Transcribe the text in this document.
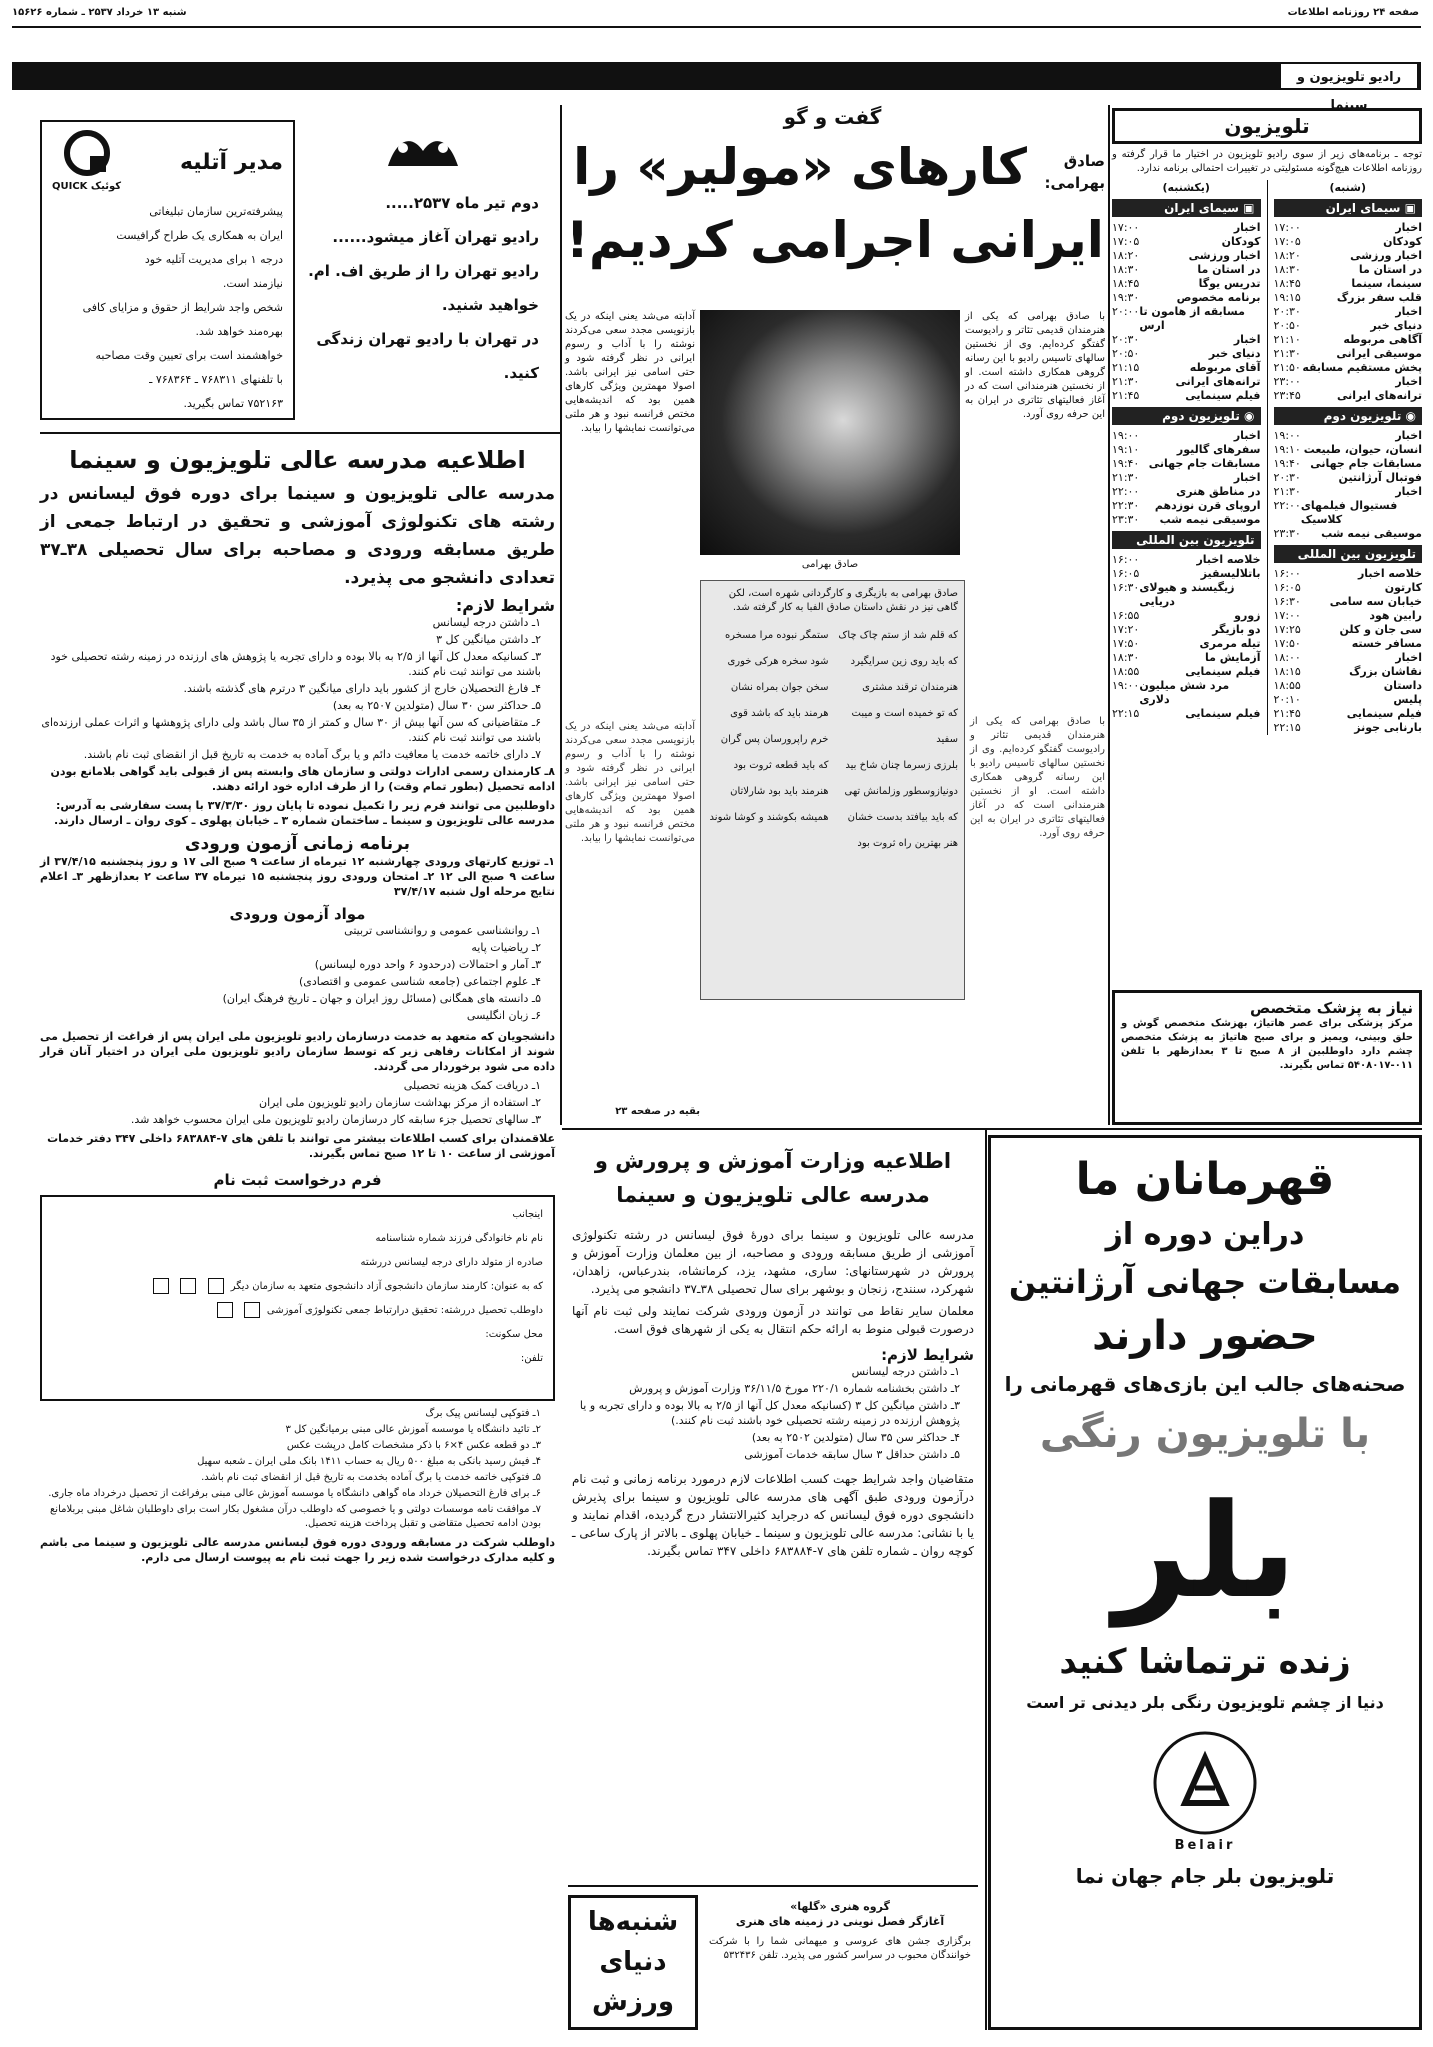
شنبه ۱۳ خرداد ۲۵۳۷ ـ شماره ۱۵۶۲۶	صفحه ۲۴ روزنامه اطلاعات
رادیو تلویزیون و سینما
مدیر آتلیه
کوئیک QUICK
پیشرفته‌ترین سازمان تبلیغاتی
ایران به همکاری یک طراح گرافیست
درجه ۱ برای مدیریت آتلیه خود
نیازمند است.
شخص واجد شرایط از حقوق و مزایای کافی
بهره‌مند خواهد شد.
خواهشمند است برای تعیین وقت مصاحبه
با تلفنهای ۷۶۸۳۱۱ ـ ۷۶۸۳۶۴ ـ
۷۵۲۱۶۳ تماس بگیرید.
دوم تیر ماه ۲۵۳۷.....
رادیو تهران آغاز میشود......
رادیو تهران را از طریق اف. ام.
خواهید شنید.
در تهران با رادیو تهران زندگی
کنید.
گفت و گو
صادق بهرامی:
کارهای «مولیر» را
ایرانی اجرامی کردیم!
با صادق بهرامی که یکی از هنرمندان قدیمی تئاتر و رادیوست گفتگو کرده‌ایم. وی از نخستین سالهای تاسیس رادیو با این رسانه گروهی همکاری داشته است. او از نخستین هنرمندانی است که در آغاز فعالیتهای تئاتری در ایران به این حرفه روی آورد.
صادق بهرامی
آدابته می‌شد یعنی اینکه در یک بازنویسی مجدد سعی می‌کردند نوشته را با آداب و رسوم ایرانی در نظر گرفته شود و حتی اسامی نیز ایرانی باشد. اصولا مهمترین ویژگی کارهای همین بود که اندیشه‌هایی مختص فرانسه نبود و هر ملتی می‌توانست نمایشها را بیابد.
صادق بهرامی به بازیگری و کارگردانی شهره است، لکن گاهی نیز در نقش داستان صادق الفبا به کار گرفته شد.
که قلم شد از ستم چاک چاک
که باید روی زین سرایگیرد
هنرمندان ترقند مشتری
که تو خمیده است و میبت سفید
بلرزی زسرما چنان شاخ بید
دونیازوسطور وزلمانش تهی
که باید بیافتد بدست خشان
هنر بهترین راه ثروت بود
ستمگر نبوده مرا مسخره
شود سخره هرکی خوری
سخن جوان بمراه نشان
هرمند باید که باشد قوی
خرم راپرورسان پس گران
که باید قطعه ثروت بود
هنرمند باید بود شارلاتان
همیشه بکوشند و کوشا شوند
آدابته می‌شد یعنی اینکه در یک بازنویسی مجدد سعی می‌کردند نوشته را با آداب و رسوم ایرانی در نظر گرفته شود و حتی اسامی نیز ایرانی باشد. اصولا مهمترین ویژگی کارهای همین بود که اندیشه‌هایی مختص فرانسه نبود و هر ملتی می‌توانست نمایشها را بیابد.
با صادق بهرامی که یکی از هنرمندان قدیمی تئاتر و رادیوست گفتگو کرده‌ایم. وی از نخستین سالهای تاسیس رادیو با این رسانه گروهی همکاری داشته است. او از نخستین هنرمندانی است که در آغاز فعالیتهای تئاتری در ایران به این حرفه روی آورد.
بقیه در صفحه ۲۳
تلویزیون
توجه ـ برنامه‌های زیر از سوی رادیو تلویزیون در اختیار ما قرار گرفته و روزنامه اطلاعات هیچ‌گونه مسئولیتی در تغییرات احتمالی برنامه ندارد.
(شنبه)
▣ سیمای ایران
اخبار
۱۷:۰۰
کودکان
۱۷:۰۵
اخبار ورزشی
۱۸:۲۰
در استان ما
۱۸:۳۰
سینما، سینما
۱۸:۴۵
قلب سفر بزرگ
۱۹:۱۵
اخبار
۲۰:۳۰
دنیای خبر
۲۰:۵۰
آگاهی مربوطه
۲۱:۱۰
موسیقی ایرانی
۲۱:۳۰
پخش مستقیم مسابقه
۲۱:۵۰
اخبار
۲۳:۰۰
ترانه‌های ایرانی
۲۳:۴۵
◉ تلویزیون دوم
اخبار
۱۹:۰۰
انسان، حیوان، طبیعت
۱۹:۱۰
مسابقات جام جهانی
۱۹:۴۰
فوتبال آرژانتین
۲۰:۳۰
اخبار
۲۱:۳۰
فستیوال فیلمهای کلاسیک
۲۲:۰۰
موسیقی نیمه شب
۲۳:۳۰
تلویزیون بین المللی
خلاصه اخبار
۱۶:۰۰
کارتون
۱۶:۰۵
خیابان سه سامی
۱۶:۳۰
رابین هود
۱۷:۰۰
سی جان و کلن
۱۷:۲۵
مسافر خسته
۱۷:۵۰
اخبار
۱۸:۰۰
نقاشان بزرگ
۱۸:۱۵
داستان
۱۸:۵۵
پلیس
۲۰:۱۰
فیلم سینمایی
۲۱:۴۵
بارنابی جونز
۲۲:۱۵
(یکشنبه)
▣ سیمای ایران
اخبار
۱۷:۰۰
کودکان
۱۷:۰۵
اخبار ورزشی
۱۸:۲۰
در استان ما
۱۸:۳۰
تدریس یوگا
۱۸:۴۵
برنامه مخصوص
۱۹:۳۰
مسابقه از هامون تا ارس
۲۰:۰۰
اخبار
۲۰:۳۰
دنیای خبر
۲۰:۵۰
آقای مربوطه
۲۱:۱۵
ترانه‌های ایرانی
۲۱:۳۰
فیلم سینمایی
۲۱:۴۵
◉ تلویزیون دوم
اخبار
۱۹:۰۰
سفرهای گالیور
۱۹:۱۰
مسابقات جام جهانی
۱۹:۴۰
اخبار
۲۱:۳۰
در مناطق هنری
۲۲:۰۰
اروپای قرن نوزدهم
۲۲:۳۰
موسیقی نیمه شب
۲۳:۳۰
تلویزیون بین المللی
خلاصه اخبار
۱۶:۰۰
باتلالیسقیز
۱۶:۰۵
زیگیسند و هیولای دریایی
۱۶:۳۰
زورو
۱۶:۵۵
دو بازیگر
۱۷:۲۰
تیله مرمری
۱۷:۵۰
آزمایش ما
۱۸:۳۰
فیلم سینمایی
۱۸:۵۵
مرد شش میلیون دلاری
۱۹:۰۰
فیلم سینمایی
۲۲:۱۵
نیاز به پزشک متخصص
مرکز پزشکی برای عصر هاتیاژ، بهزشک متخصص گوش و حلق وبینی، ویمیز و برای صبح هاتیاژ به پزشک متخصص چشم دارد داوطلبین از ۸ صبح تا ۳ بعدازظهر با تلفن ۰۱۱‑۵۴۰۸۰۱۷ تماس بگیرند.
اطلاعیه مدرسه عالی تلویزیون و سینما
مدرسه عالی تلویزیون و سینما برای دوره فوق لیسانس در رشته های تکنولوژی آموزشی و تحقیق در ارتباط جمعی از طریق مسابقه ورودی و مصاحبه برای سال تحصیلی ۳۸ـ۳۷ تعدادی دانشجو می پذیرد.
شرایط لازم:
۱ـ داشتن درجه لیسانس
۲ـ داشتن میانگین کل ۳
۳ـ کسانیکه معدل کل آنها از ۲/۵ به بالا بوده و دارای تجربه یا پژوهش های ارزنده در زمینه رشته تحصیلی خود باشند می توانند ثبت نام کنند.
۴ـ فارغ التحصیلان خارج از کشور باید دارای میانگین ۳ درترم های گذشته باشند.
۵ـ حداکثر سن ۳۰ سال (متولدین ۲۵۰۷ به بعد)
۶ـ متقاضیانی که سن آنها بیش از ۳۰ سال و کمتر از ۳۵ سال باشد ولی دارای پژوهشها و اثرات عملی ارزنده‌ای باشند می توانند ثبت نام کنند.
۷ـ دارای خاتمه خدمت یا معافیت دائم و یا برگ آماده به خدمت به تاریخ قبل از انقضای ثبت نام باشند.
۸ـ کارمندان رسمی ادارات دولتی و سازمان های وابسته پس از قبولی باید گواهی بلامانع بودن ادامه تحصیل (بطور تمام وقت) را از طرف اداره خود ارائه دهند.
داوطلبین می توانند فرم زیر را تکمیل نموده تا پایان روز ۳۷/۳/۳۰ با پست سفارشی به آدرس: مدرسه عالی تلویزیون و سینما ـ ساختمان شماره ۳ ـ خیابان پهلوی ـ کوی روان ـ ارسال دارند.
برنامه زمانی آزمون ورودی
۱ـ توزیع کارتهای ورودی چهارشنبه ۱۲ تیرماه از ساعت ۹ صبح الی ۱۷ و روز پنجشنبه ۳۷/۴/۱۵ از ساعت ۹ صبح الی ۱۲ ۲ـ امتحان ورودی روز پنجشنبه ۱۵ تیرماه ۳۷ ساعت ۲ بعدازظهر ۳ـ اعلام نتایج مرحله اول شنبه ۳۷/۴/۱۷
مواد آزمون ورودی
۱ـ روانشناسی عمومی و روانشناسی تربیتی
۲ـ ریاضیات پایه
۳ـ آمار و احتمالات (درحدود ۶ واحد دوره لیسانس)
۴ـ علوم اجتماعی (جامعه شناسی عمومی و اقتصادی)
۵ـ دانسته های همگانی (مسائل روز ایران و جهان ـ تاریخ فرهنگ ایران)
۶ـ زبان انگلیسی
دانشجویان که متعهد به خدمت درسازمان رادیو تلویزیون ملی ایران پس از فراغت از تحصیل می شوند از امکانات رفاهی زیر که توسط سازمان رادیو تلویزیون ملی ایران در اختیار آنان قرار داده می شود برخوردار می گردند.
۱ـ دریافت کمک هزینه تحصیلی
۲ـ استفاده از مرکز بهداشت سازمان رادیو تلویزیون ملی ایران
۳ـ سالهای تحصیل جزء سابقه کار درسازمان رادیو تلویزیون ملی ایران محسوب خواهد شد.
علاقمندان برای کسب اطلاعات بیشتر می توانند با تلفن های ۷‑۶۸۳۸۸۴ داخلی ۳۴۷ دفتر خدمات آموزشی از ساعت ۱۰ تا ۱۲ صبح تماس بگیرند.
فرم درخواست ثبت نام
اینجانب
نام نام خانوادگی فرزند شماره شناسنامه
صادره از متولد دارای درجه لیسانس دررشته
که به عنوان: کارمند سازمان دانشجوی آزاد دانشجوی متعهد به سازمان دیگر
داوطلب تحصیل دررشته: تحقیق درارتباط جمعی تکنولوژی آموزشی
محل سکونت:
تلفن:
۱ـ فتوکپی لیسانس پیک برگ
۲ـ تائید دانشگاه یا موسسه آموزش عالی مبنی برمیانگین کل ۳
۳ـ دو قطعه عکس ۴×۶ با ذکر مشخصات کامل درپشت عکس
۴ـ فیش رسید بانکی به مبلغ ۵۰۰ ریال به حساب ۱۴۱۱ بانک ملی ایران ـ شعبه سهیل
۵ـ فتوکپی خاتمه خدمت یا برگ آماده بخدمت به تاریخ قبل از انقضای ثبت نام باشد.
۶ـ برای فارغ التحصیلان خرداد ماه گواهی دانشگاه یا موسسه آموزش عالی مبنی برفراغت از تحصیل درخرداد ماه جاری.
۷ـ موافقت نامه موسسات دولتی و یا خصوصی که داوطلب درآن مشغول بکار است برای داوطلبان شاغل مبنی بربلامانع بودن ادامه تحصیل متقاضی و تقبل پرداخت هزینه تحصیل.
داوطلب شرکت در مسابقه ورودی دوره فوق لیسانس مدرسه عالی تلویزیون و سینما می باشم و کلیه مدارک درخواست شده زیر را جهت ثبت نام به پیوست ارسال می دارم.
اطلاعیه وزارت آموزش و پرورش و
مدرسه عالی تلویزیون و سینما
مدرسه عالی تلویزیون و سینما برای دورهٔ فوق لیسانس در رشته تکنولوژی آموزشی از طریق مسابقه ورودی و مصاحبه، از بین معلمان وزارت آموزش و پرورش در شهرستانهای: ساری، مشهد، یزد، کرمانشاه، بندرعباس، زاهدان، شهرکرد، سنندج، زنجان و بوشهر برای سال تحصیلی ۳۸ـ۳۷ دانشجو می پذیرد.
معلمان سایر نقاط می توانند در آزمون ورودی شرکت نمایند ولی ثبت نام آنها درصورت قبولی منوط به ارائه حکم انتقال به یکی از شهرهای فوق است.
شرایط لازم:
۱ـ داشتن درجه لیسانس
۲ـ داشتن بخشنامه شماره ۲۲۰/۱ مورخ ۳۶/۱۱/۵ وزارت آموزش و پرورش
۳ـ داشتن میانگین کل ۳ (کسانیکه معدل کل آنها از ۲/۵ به بالا بوده و دارای تجربه و یا پژوهش ارزنده در زمینه رشته تحصیلی خود باشند ثبت نام کنند.)
۴ـ حداکثر سن ۳۵ سال (متولدین ۲۵۰۲ به بعد)
۵ـ داشتن حداقل ۳ سال سابقه خدمات آموزشی
متقاضیان واجد شرایط جهت کسب اطلاعات لازم درمورد برنامه زمانی و ثبت نام درآزمون ورودی طبق آگهی های مدرسه عالی تلویزیون و سینما برای پذیرش دانشجوی دوره فوق لیسانس که درجراید کثیرالانتشار درج گردیده، اقدام نمایند و یا با نشانی: مدرسه عالی تلویزیون و سینما ـ خیابان پهلوی ـ بالاتر از پارک ساعی ـ کوچه روان ـ شماره تلفن های ۷‑۶۸۳۸۸۴ داخلی ۳۴۷ تماس بگیرند.
شنبه‌ها
دنیای
ورزش
گروه هنری «گلها»
آغازگر فصل نوینی در زمینه های هنری
برگزاری جشن های عروسی و میهمانی شما را با شرکت خوانندگان محبوب در سراسر کشور می پذیرد. تلفن ۵۳۲۴۳۶
قهرمانان ما
دراین دوره از
مسابقات جهانی آرژانتین
حضور دارند
صحنه‌های جالب این بازی‌های قهرمانی را
با تلویزیون رنگی
بلر
زنده ترتماشا کنید
دنیا از چشم تلویزیون رنگی بلر دیدنی تر است
Belair
تلویزیون بلر جام جهان نما
